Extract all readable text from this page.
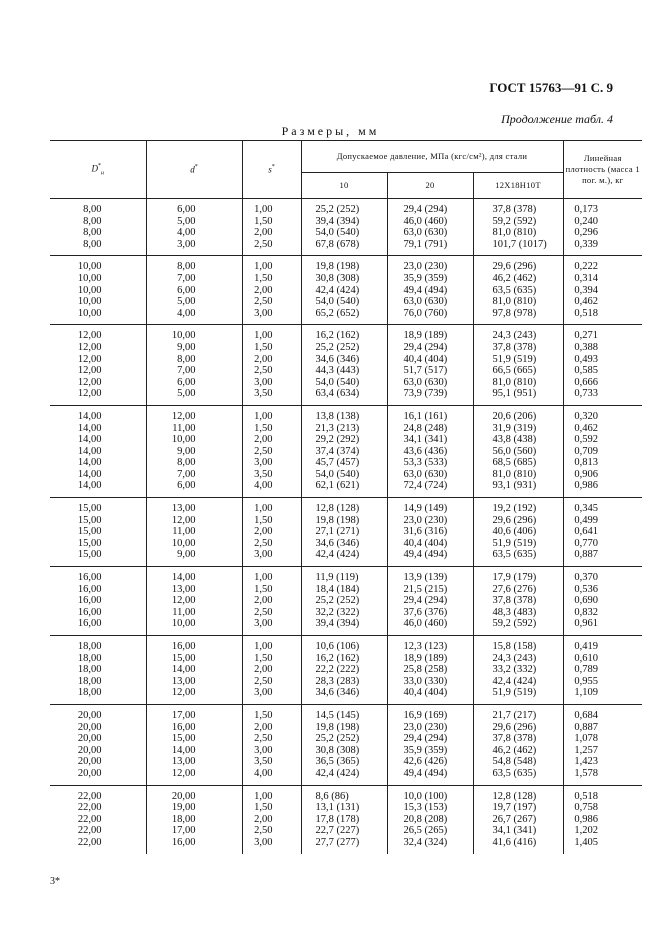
ГОСТ 15763—91 С. 9
Продолжение табл. 4
Размеры, мм
$D^*_н$	d*	s*	Допускаемое давление, МПа (кгс/см²), для стали			Линейная плотность (масса 1 пог. м.), кг
			10	20	12Х18Н10Т	
8,00	6,00	1,00	25,2 (252)	29,4 (294)	37,8 (378)	0,173
8,00	5,00	1,50	39,4 (394)	46,0 (460)	59,2 (592)	0,240
8,00	4,00	2,00	54,0 (540)	63,0 (630)	81,0 (810)	0,296
8,00	3,00	2,50	67,8 (678)	79,1 (791)	101,7 (1017)	0,339
10,00	8,00	1,00	19,8 (198)	23,0 (230)	29,6 (296)	0,222
10,00	7,00	1,50	30,8 (308)	35,9 (359)	46,2 (462)	0,314
10,00	6,00	2,00	42,4 (424)	49,4 (494)	63,5 (635)	0,394
10,00	5,00	2,50	54,0 (540)	63,0 (630)	81,0 (810)	0,462
10,00	4,00	3,00	65,2 (652)	76,0 (760)	97,8 (978)	0,518
12,00	10,00	1,00	16,2 (162)	18,9 (189)	24,3 (243)	0,271
12,00	9,00	1,50	25,2 (252)	29,4 (294)	37,8 (378)	0,388
12,00	8,00	2,00	34,6 (346)	40,4 (404)	51,9 (519)	0,493
12,00	7,00	2,50	44,3 (443)	51,7 (517)	66,5 (665)	0,585
12,00	6,00	3,00	54,0 (540)	63,0 (630)	81,0 (810)	0,666
12,00	5,00	3,50	63,4 (634)	73,9 (739)	95,1 (951)	0,733
14,00	12,00	1,00	13,8 (138)	16,1 (161)	20,6 (206)	0,320
14,00	11,00	1,50	21,3 (213)	24,8 (248)	31,9 (319)	0,462
14,00	10,00	2,00	29,2 (292)	34,1 (341)	43,8 (438)	0,592
14,00	9,00	2,50	37,4 (374)	43,6 (436)	56,0 (560)	0,709
14,00	8,00	3,00	45,7 (457)	53,3 (533)	68,5 (685)	0,813
14,00	7,00	3,50	54,0 (540)	63,0 (630)	81,0 (810)	0,906
14,00	6,00	4,00	62,1 (621)	72,4 (724)	93,1 (931)	0,986
15,00	13,00	1,00	12,8 (128)	14,9 (149)	19,2 (192)	0,345
15,00	12,00	1,50	19,8 (198)	23,0 (230)	29,6 (296)	0,499
15,00	11,00	2,00	27,1 (271)	31,6 (316)	40,6 (406)	0,641
15,00	10,00	2,50	34,6 (346)	40,4 (404)	51,9 (519)	0,770
15,00	9,00	3,00	42,4 (424)	49,4 (494)	63,5 (635)	0,887
16,00	14,00	1,00	11,9 (119)	13,9 (139)	17,9 (179)	0,370
16,00	13,00	1,50	18,4 (184)	21,5 (215)	27,6 (276)	0,536
16,00	12,00	2,00	25,2 (252)	29,4 (294)	37,8 (378)	0,690
16,00	11,00	2,50	32,2 (322)	37,6 (376)	48,3 (483)	0,832
16,00	10,00	3,00	39,4 (394)	46,0 (460)	59,2 (592)	0,961
18,00	16,00	1,00	10,6 (106)	12,3 (123)	15,8 (158)	0,419
18,00	15,00	1,50	16,2 (162)	18,9 (189)	24,3 (243)	0,610
18,00	14,00	2,00	22,2 (222)	25,8 (258)	33,2 (332)	0,789
18,00	13,00	2,50	28,3 (283)	33,0 (330)	42,4 (424)	0,955
18,00	12,00	3,00	34,6 (346)	40,4 (404)	51,9 (519)	1,109
20,00	17,00	1,50	14,5 (145)	16,9 (169)	21,7 (217)	0,684
20,00	16,00	2,00	19,8 (198)	23,0 (230)	29,6 (296)	0,887
20,00	15,00	2,50	25,2 (252)	29,4 (294)	37,8 (378)	1,078
20,00	14,00	3,00	30,8 (308)	35,9 (359)	46,2 (462)	1,257
20,00	13,00	3,50	36,5 (365)	42,6 (426)	54,8 (548)	1,423
20,00	12,00	4,00	42,4 (424)	49,4 (494)	63,5 (635)	1,578
22,00	20,00	1,00	8,6 (86)	10,0 (100)	12,8 (128)	0,518
22,00	19,00	1,50	13,1 (131)	15,3 (153)	19,7 (197)	0,758
22,00	18,00	2,00	17,8 (178)	20,8 (208)	26,7 (267)	0,986
22,00	17,00	2,50	22,7 (227)	26,5 (265)	34,1 (341)	1,202
22,00	16,00	3,00	27,7 (277)	32,4 (324)	41,6 (416)	1,405
3*
